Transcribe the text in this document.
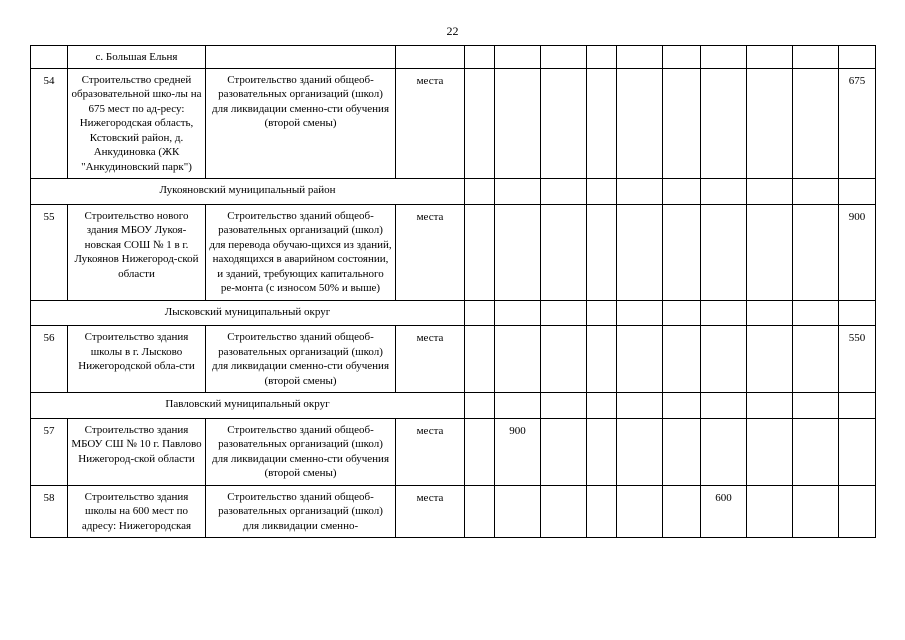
22
	с. Большая Ельня												
54	Строительство средней образовательной шко-лы на 675 мест по ад-ресу: Нижегородская область, Кстовский район, д. Анкудиновка (ЖК "Анкудиновский парк")	Строительство зданий общеоб-разовательных организаций (школ) для ликвидации сменно-сти обучения (второй смены)	места										675
Лукояновский муниципальный район													
55	Строительство нового здания МБОУ Лукоя-новская СОШ № 1 в г. Лукоянов Нижегород-ской области	Строительство зданий общеоб-разовательных организаций (школ) для перевода обучаю-щихся из зданий, находящихся в аварийном состоянии, и зданий, требующих капитального ре-монта (с износом 50% и выше)	места										900
Лысковский муниципальный округ													
56	Строительство здания школы в г. Лысково Нижегородской обла-сти	Строительство зданий общеоб-разовательных организаций (школ) для ликвидации сменно-сти обучения (второй смены)	места										550
Павловский муниципальный округ													
57	Строительство здания МБОУ СШ № 10 г. Павлово Нижегород-ской области	Строительство зданий общеоб-разовательных организаций (школ) для ликвидации сменно-сти обучения (второй смены)	места		900								
58	Строительство здания школы на 600 мест по адресу: Нижегородская	Строительство зданий общеоб-разовательных организаций (школ) для ликвидации сменно-	места							600			
